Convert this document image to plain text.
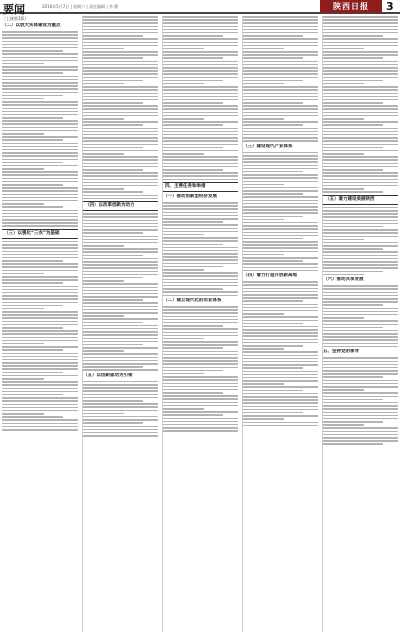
要闻	2016年5月7日 | 星期六 | 责任编辑 | 李 静	陕西日报	3
（上接第1版）
（二）以放大实体建设为重点
（三）以强化“三农”为基础
（四）以改革创新为动力
（五）以创新驱动为引领
四、主要任务和举措
（一）推动创新型经济发展
（二）建立现代化的农业体系
（三）建设现代产业体系
（四）着力打造开放新高地
（五）着力建设美丽陕西
（六）推动共享发展
五、坚持党的领导
